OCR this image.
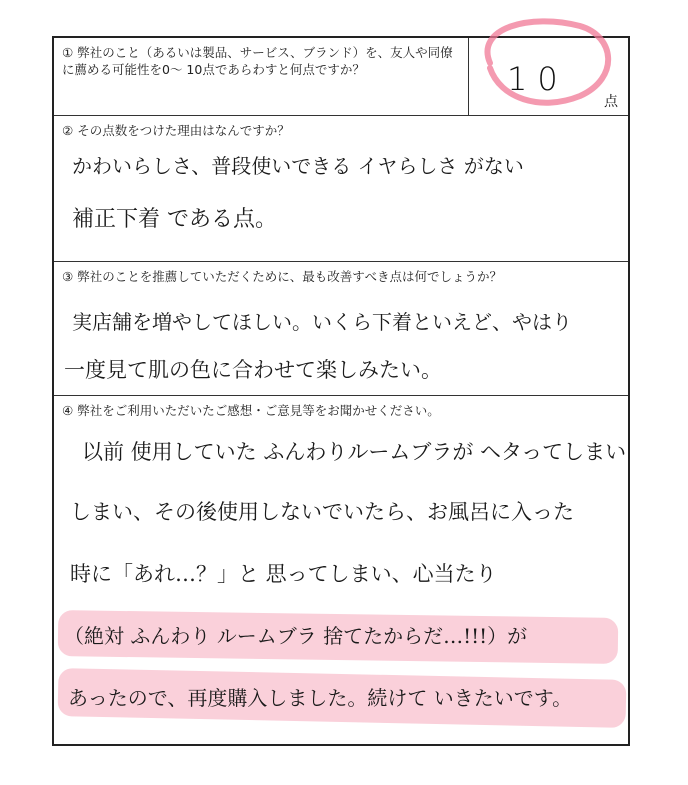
① 弊社のこと（あるいは製品、サービス、ブランド）を、友人や同僚に薦める可能性を0～ 10点であらわすと何点ですか？	10
点
② その点数をつけた理由はなんですか？
かわいらしさ、普段使いできる イヤらしさ がない
補正下着 である点。
③ 弊社のことを推薦していただくために、最も改善すべき点は何でしょうか？
実店舗を増やしてほしい。いくら下着といえど、やはり
一度見て肌の色に合わせて楽しみたい。
④ 弊社をご利用いただいたご感想・ご意見等をお聞かせください。
以前 使用していた ふんわりルームブラが ヘタってしまい
しまい、その後使用しないでいたら、お風呂に入った
時に「あれ…？」と 思ってしまい、心当たり
（絶対 ふんわり ルームブラ 捨てたからだ…!!!）が
あったので、再度購入しました。続けて いきたいです。
